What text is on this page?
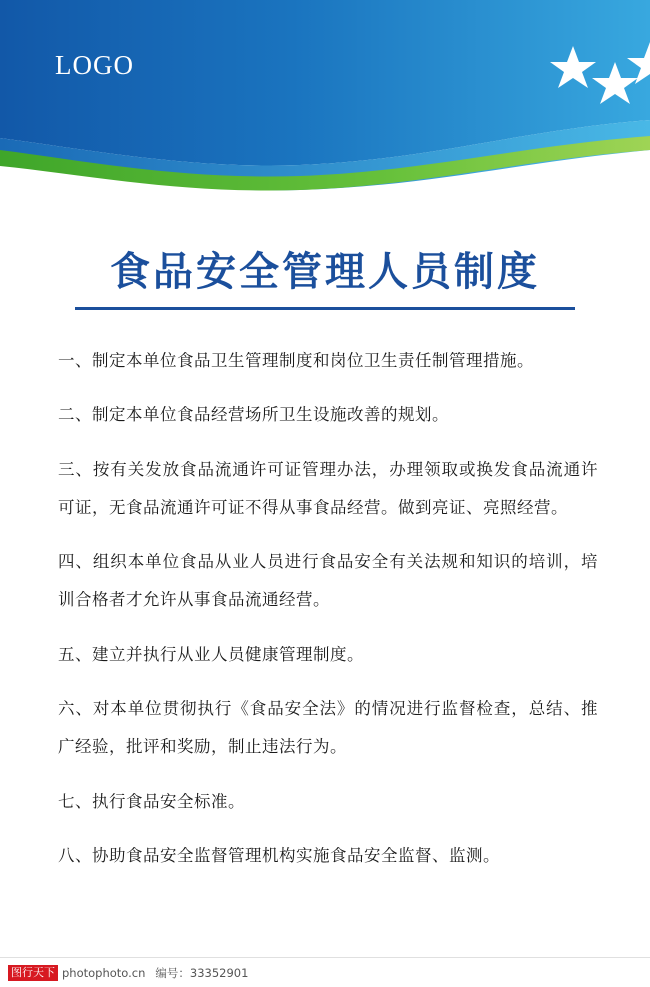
LOGO
食品安全管理人员制度

一、制定本单位食品卫生管理制度和岗位卫生责任制管理措施。

二、制定本单位食品经营场所卫生设施改善的规划。

三、按有关发放食品流通许可证管理办法，办理领取或换发食品流通许可证，无食品流通许可证不得从事食品经营。做到亮证、亮照经营。

四、组织本单位食品从业人员进行食品安全有关法规和知识的培训，培训合格者才允许从事食品流通经营。

五、建立并执行从业人员健康管理制度。

六、对本单位贯彻执行《食品安全法》的情况进行监督检查，总结、推广经验，批评和奖励，制止违法行为。

七、执行食品安全标准。

八、协助食品安全监督管理机构实施食品安全监督、监测。

图行天下 photophoto.cn 编号：33352901
